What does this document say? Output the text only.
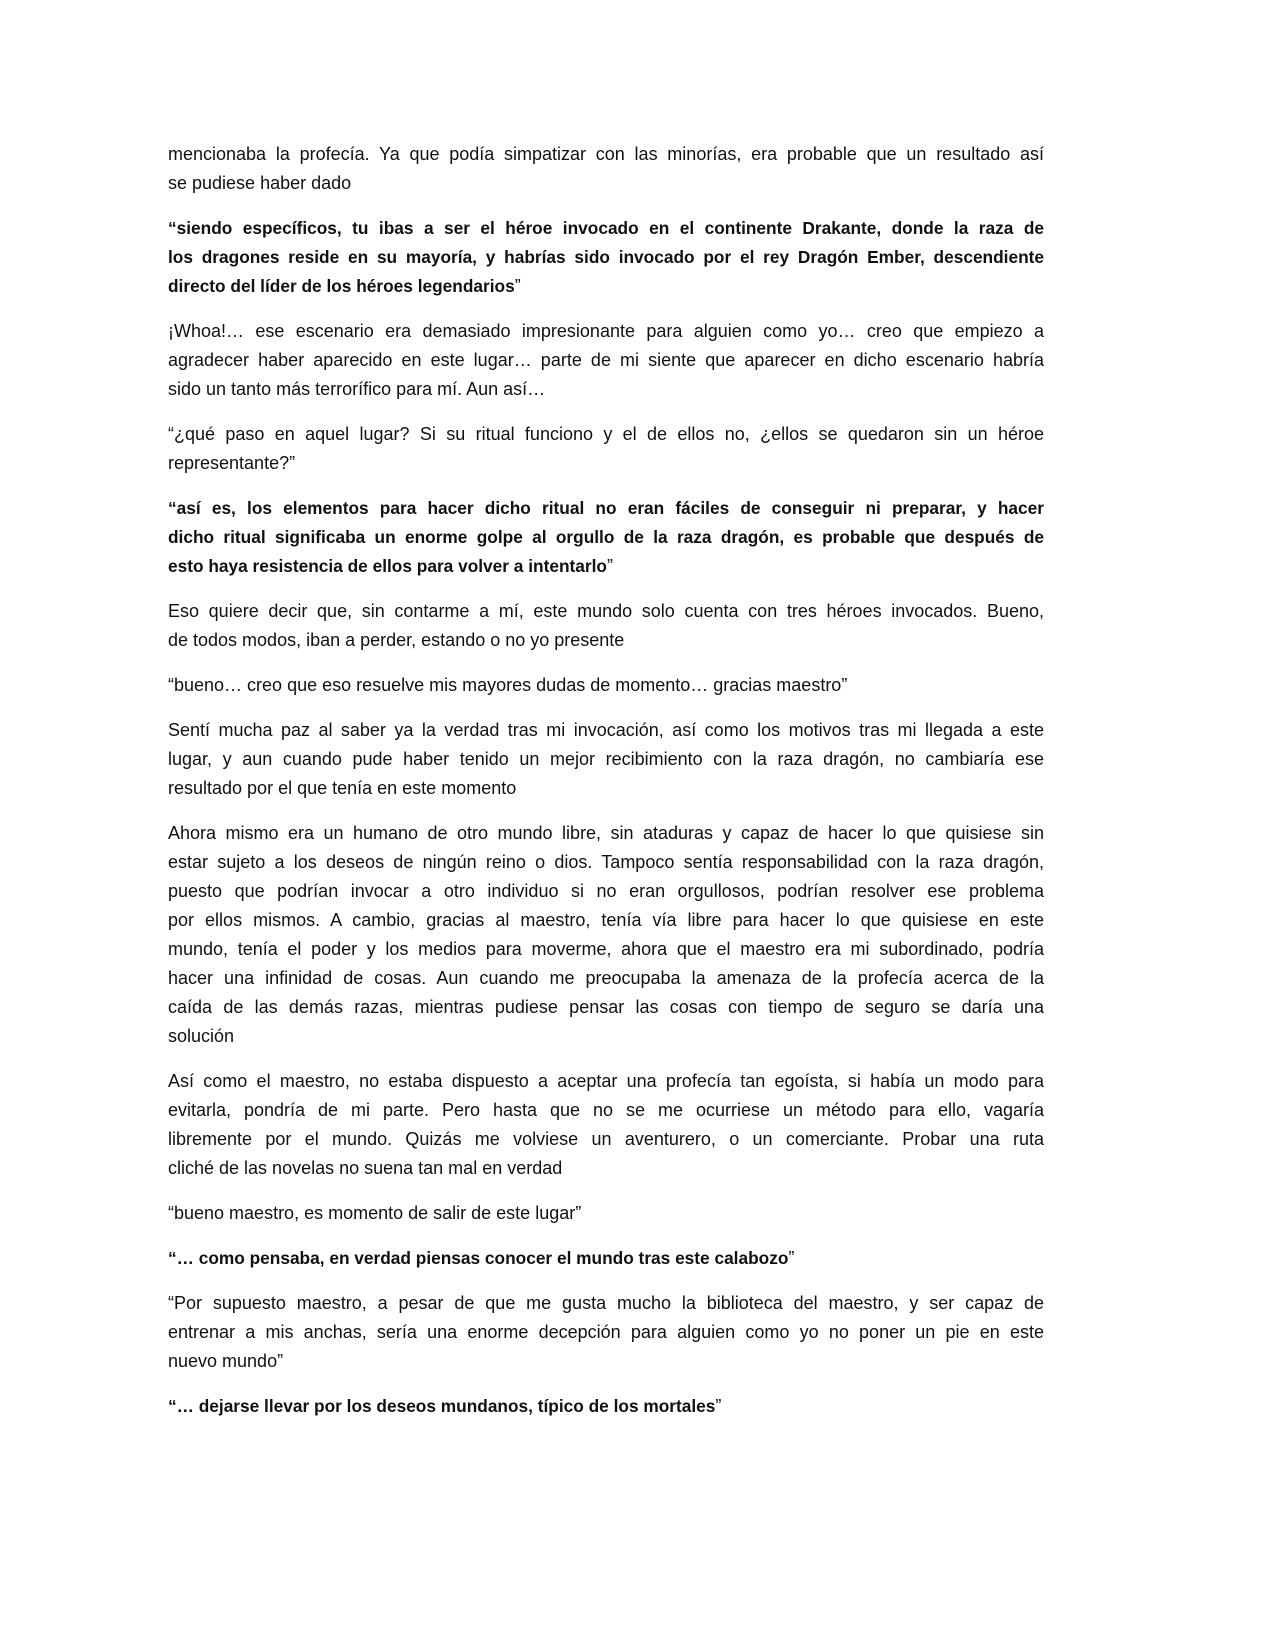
mencionaba la profecía. Ya que podía simpatizar con las minorías, era probable que un resultado así
se pudiese haber dado
“siendo específicos, tu ibas a ser el héroe invocado en el continente Drakante, donde la raza de
los dragones reside en su mayoría, y habrías sido invocado por el rey Dragón Ember, descendiente
directo del líder de los héroes legendarios”
¡Whoa!… ese escenario era demasiado impresionante para alguien como yo… creo que empiezo a
agradecer haber aparecido en este lugar… parte de mi siente que aparecer en dicho escenario habría
sido un tanto más terrorífico para mí. Aun así…
“¿qué paso en aquel lugar? Si su ritual funciono y el de ellos no, ¿ellos se quedaron sin un héroe
representante?”
“así es, los elementos para hacer dicho ritual no eran fáciles de conseguir ni preparar, y hacer
dicho ritual significaba un enorme golpe al orgullo de la raza dragón, es probable que después de
esto haya resistencia de ellos para volver a intentarlo”
Eso quiere decir que, sin contarme a mí, este mundo solo cuenta con tres héroes invocados. Bueno,
de todos modos, iban a perder, estando o no yo presente
“bueno… creo que eso resuelve mis mayores dudas de momento… gracias maestro”
Sentí mucha paz al saber ya la verdad tras mi invocación, así como los motivos tras mi llegada a este
lugar, y aun cuando pude haber tenido un mejor recibimiento con la raza dragón, no cambiaría ese
resultado por el que tenía en este momento
Ahora mismo era un humano de otro mundo libre, sin ataduras y capaz de hacer lo que quisiese sin
estar sujeto a los deseos de ningún reino o dios. Tampoco sentía responsabilidad con la raza dragón,
puesto que podrían invocar a otro individuo si no eran orgullosos, podrían resolver ese problema
por ellos mismos. A cambio, gracias al maestro, tenía vía libre para hacer lo que quisiese en este
mundo, tenía el poder y los medios para moverme, ahora que el maestro era mi subordinado, podría
hacer una infinidad de cosas. Aun cuando me preocupaba la amenaza de la profecía acerca de la
caída de las demás razas, mientras pudiese pensar las cosas con tiempo de seguro se daría una
solución
Así como el maestro, no estaba dispuesto a aceptar una profecía tan egoísta, si había un modo para
evitarla, pondría de mi parte. Pero hasta que no se me ocurriese un método para ello, vagaría
libremente por el mundo. Quizás me volviese un aventurero, o un comerciante. Probar una ruta
cliché de las novelas no suena tan mal en verdad
“bueno maestro, es momento de salir de este lugar”
“… como pensaba, en verdad piensas conocer el mundo tras este calabozo”
“Por supuesto maestro, a pesar de que me gusta mucho la biblioteca del maestro, y ser capaz de
entrenar a mis anchas, sería una enorme decepción para alguien como yo no poner un pie en este
nuevo mundo”
“… dejarse llevar por los deseos mundanos, típico de los mortales”
